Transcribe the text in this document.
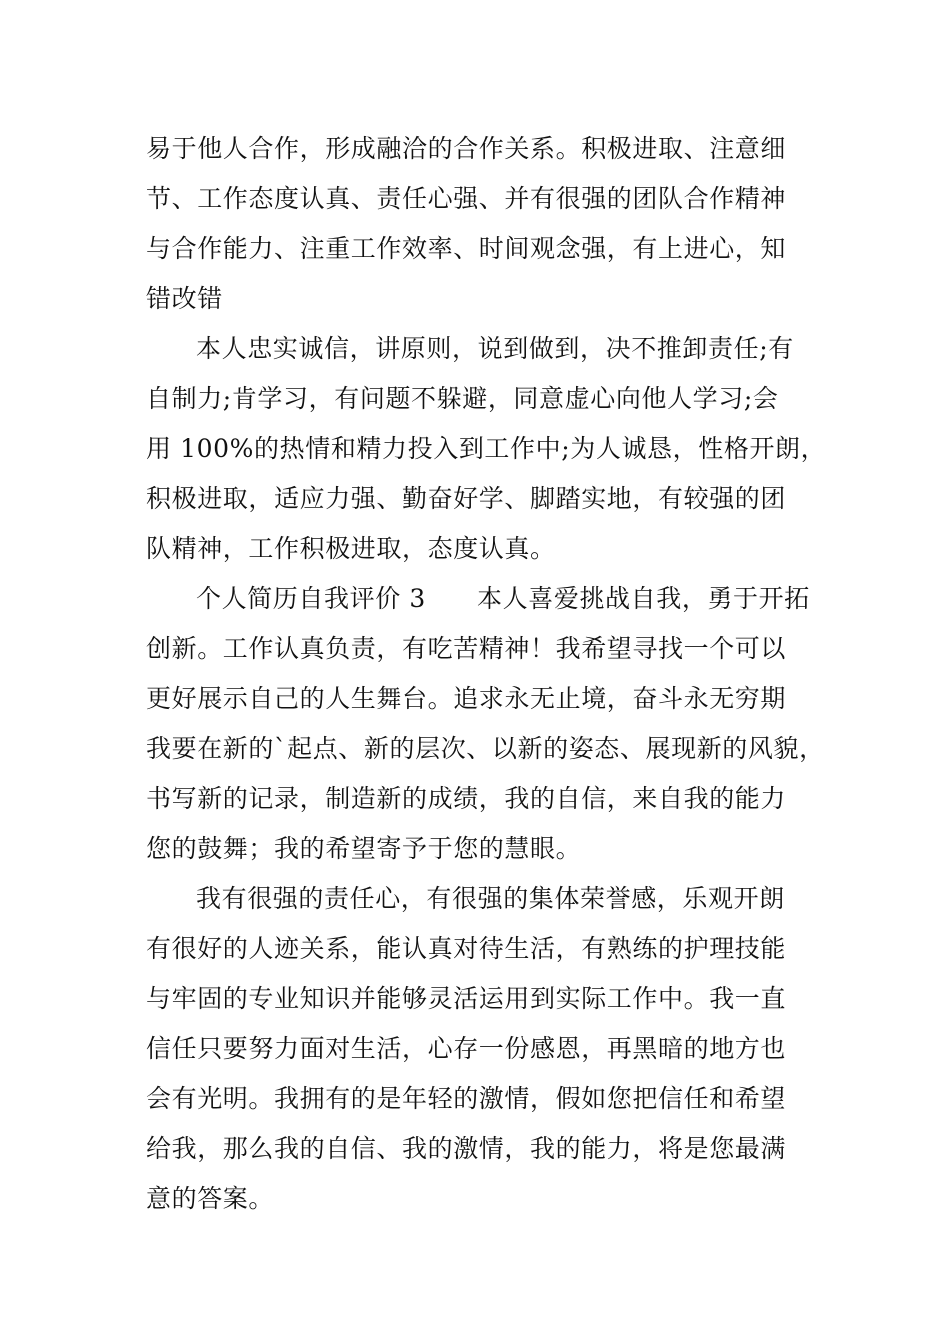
易于他人合作，形成融洽的合作关系。积极进取、注意细

节、工作态度认真、责任心强、并有很强的团队合作精神

与合作能力、注重工作效率、时间观念强，有上进心，知

错改错

本人忠实诚信，讲原则，说到做到，决不推卸责任;有

自制力;肯学习，有问题不躲避，同意虚心向他人学习;会

用 100%的热情和精力投入到工作中;为人诚恳，性格开朗，

积极进取，适应力强、勤奋好学、脚踏实地，有较强的团

队精神，工作积极进取，态度认真。

个人简历自我评价 3　　本人喜爱挑战自我，勇于开拓

创新。工作认真负责，有吃苦精神！我希望寻找一个可以

更好展示自己的人生舞台。追求永无止境，奋斗永无穷期

我要在新的`起点、新的层次、以新的姿态、展现新的风貌，

书写新的记录，制造新的成绩，我的自信，来自我的能力

您的鼓舞；我的希望寄予于您的慧眼。

我有很强的责任心，有很强的集体荣誉感，乐观开朗

有很好的人迹关系，能认真对待生活，有熟练的护理技能

与牢固的专业知识并能够灵活运用到实际工作中。我一直

信任只要努力面对生活，心存一份感恩，再黑暗的地方也

会有光明。我拥有的是年轻的激情，假如您把信任和希望

给我，那么我的自信、我的激情，我的能力，将是您最满

意的答案。
